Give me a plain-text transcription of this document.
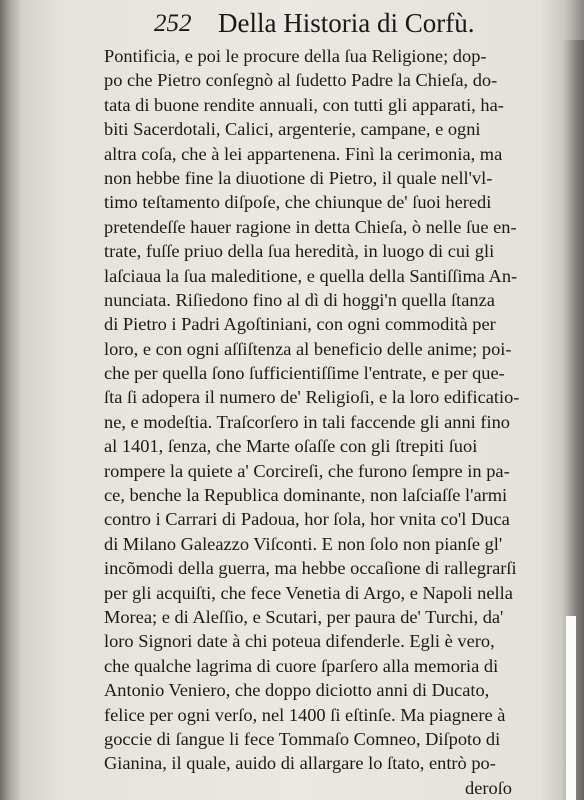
252 Della Historia di Corfù.
Pontificia, e poi le procure della ſua Religione; dop-
po che Pietro conſegnò al ſudetto Padre la Chieſa, do-
tata di buone rendite annuali, con tutti gli apparati, ha-
biti Sacerdotali, Calici, argenterie, campane, e ogni
altra coſa, che à lei appartenena. Finì la cerimonia, ma
non hebbe fine la diuotione di Pietro, il quale nell'vl-
timo teſtamento diſpoſe, che chiunque de' ſuoi heredi
pretendeſſe hauer ragione in detta Chieſa, ò nelle ſue en-
trate, fuſſe priuo della ſua heredità, in luogo di cui gli
laſciaua la ſua maleditione, e quella della Santiſſima An-
nunciata. Riſiedono fino al dì di hoggi'n quella ſtanza
di Pietro i Padri Agoſtiniani, con ogni commodità per
loro, e con ogni aſſiſtenza al beneficio delle anime; poi-
che per quella ſono ſufficientiſſime l'entrate, e per que-
ſta ſi adopera il numero de' Religioſi, e la loro edificatio-
ne, e modeſtia. Traſcorſero in tali faccende gli anni fino
al 1401, ſenza, che Marte oſaſſe con gli ſtrepiti ſuoi
rompere la quiete a' Corcireſi, che furono ſempre in pa-
ce, benche la Republica dominante, non laſciaſſe l'armi
contro i Carrari di Padoua, hor ſola, hor vnita co'l Duca
di Milano Galeazzo Viſconti. E non ſolo non pianſe gl'
incõmodi della guerra, ma hebbe occaſione di rallegrarſi
per gli acquiſti, che fece Venetia di Argo, e Napoli nella
Morea; e di Aleſſio, e Scutari, per paura de' Turchi, da'
loro Signori date à chi poteua difenderle. Egli è vero,
che qualche lagrima di cuore ſparſero alla memoria di
Antonio Veniero, che doppo diciotto anni di Ducato,
felice per ogni verſo, nel 1400 ſi eſtinſe. Ma piagnere à
goccie di ſangue li fece Tommaſo Comneo, Diſpoto di
Gianina, il quale, auido di allargare lo ſtato, entrò po-
deroſo
